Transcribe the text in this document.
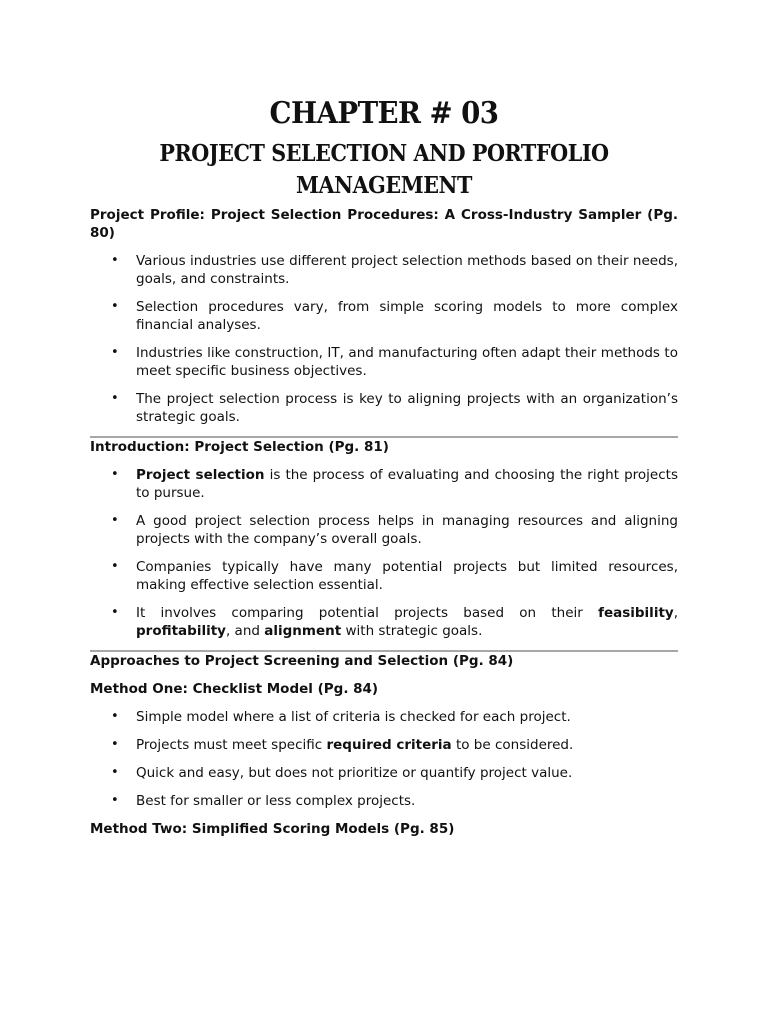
CHAPTER # 03
PROJECT SELECTION AND PORTFOLIO MANAGEMENT

Project Profile: Project Selection Procedures: A Cross-Industry Sampler (Pg. 80)

• Various industries use different project selection methods based on their needs, goals, and constraints.
• Selection procedures vary, from simple scoring models to more complex financial analyses.
• Industries like construction, IT, and manufacturing often adapt their methods to meet specific business objectives.
• The project selection process is key to aligning projects with an organization’s strategic goals.

Introduction: Project Selection (Pg. 81)

• Project selection is the process of evaluating and choosing the right projects to pursue.
• A good project selection process helps in managing resources and aligning projects with the company’s overall goals.
• Companies typically have many potential projects but limited resources, making effective selection essential.
• It involves comparing potential projects based on their feasibility, profitability, and alignment with strategic goals.

Approaches to Project Screening and Selection (Pg. 84)

Method One: Checklist Model (Pg. 84)

• Simple model where a list of criteria is checked for each project.
• Projects must meet specific required criteria to be considered.
• Quick and easy, but does not prioritize or quantify project value.
• Best for smaller or less complex projects.

Method Two: Simplified Scoring Models (Pg. 85)
